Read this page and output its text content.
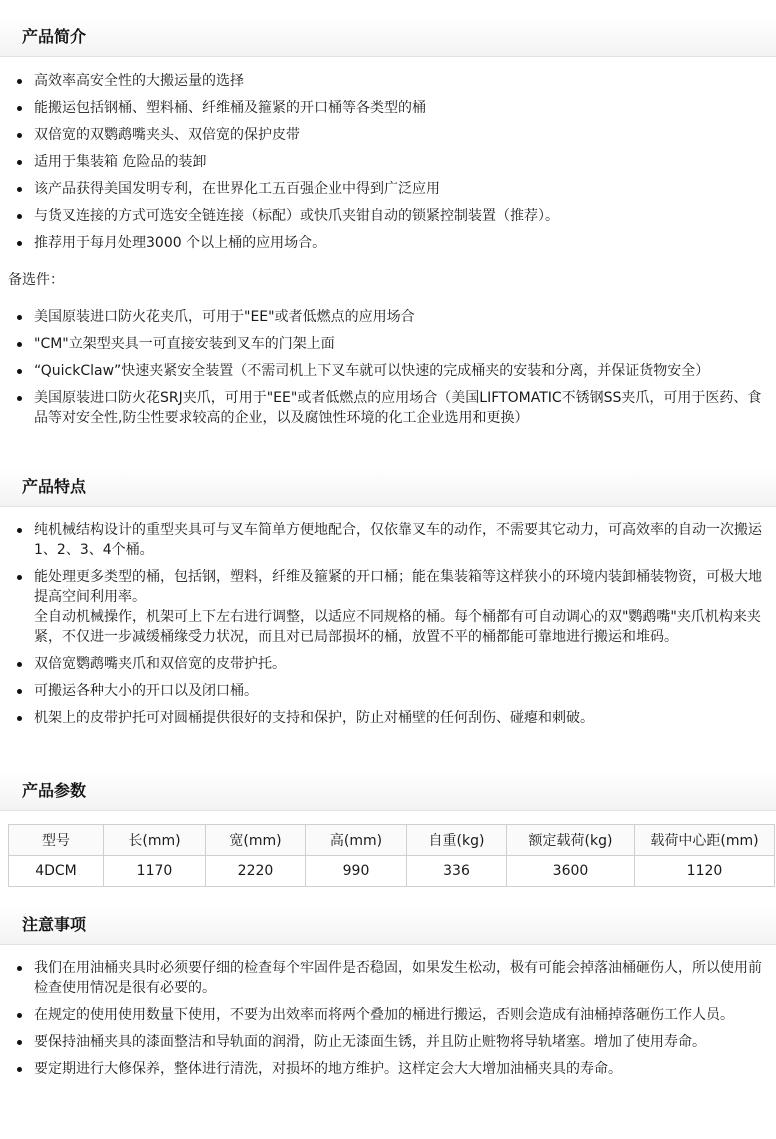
产品简介
高效率高安全性的大搬运量的选择
能搬运包括钢桶、塑料桶、纤维桶及箍紧的开口桶等各类型的桶
双倍宽的双鹦鹉嘴夹头、双倍宽的保护皮带
适用于集装箱 危险品的装卸
该产品获得美国发明专利，在世界化工五百强企业中得到广泛应用
与货叉连接的方式可选安全链连接（标配）或快爪夹钳自动的锁紧控制装置（推荐）。
推荐用于每月处理3000 个以上桶的应用场合。

备选件：

美国原装进口防火花夹爪，可用于"EE"或者低燃点的应用场合
"CM"立架型夹具一可直接安装到叉车的门架上面
“QuickClaw”快速夹紧安全装置（不需司机上下叉车就可以快速的完成桶夹的安装和分离，并保证货物安全）
美国原装进口防火花SRJ夹爪，可用于"EE"或者低燃点的应用场合（美国LIFTOMATIC不锈钢SS夹爪，可用于医药、食品等对安全性,防尘性要求较高的企业，以及腐蚀性环境的化工企业选用和更换）
产品特点
纯机械结构设计的重型夹具可与叉车简单方便地配合，仅依靠叉车的动作，不需要其它动力，可高效率的自动一次搬运1、2、3、4个桶。
能处理更多类型的桶，包括钢，塑料，纤维及箍紧的开口桶；能在集装箱等这样狭小的环境内装卸桶装物资，可极大地提高空间利用率。
全自动机械操作，机架可上下左右进行调整，以适应不同规格的桶。每个桶都有可自动调心的双"鹦鹉嘴"夹爪机构来夹紧，不仅进一步减缓桶缘受力状况，而且对已局部损坏的桶，放置不平的桶都能可靠地进行搬运和堆码。
双倍宽鹦鹉嘴夹爪和双倍宽的皮带护托。
可搬运各种大小的开口以及闭口桶。
机架上的皮带护托可对圆桶提供很好的支持和保护，防止对桶壁的任何刮伤、碰瘪和刺破。
产品参数
型号	长(mm)	宽(mm)	高(mm)	自重(kg)	额定载荷(kg)	载荷中心距(mm)
4DCM	1170	2220	990	336	3600	1120
注意事项
我们在用油桶夹具时必须要仔细的检查每个牢固件是否稳固，如果发生松动，极有可能会掉落油桶砸伤人，所以使用前检查使用情况是很有必要的。
在规定的使用使用数量下使用，不要为出效率而将两个叠加的桶进行搬运，否则会造成有油桶掉落砸伤工作人员。
要保持油桶夹具的漆面整洁和导轨面的润滑，防止无漆面生锈，并且防止赃物将导轨堵塞。增加了使用寿命。
要定期进行大修保养，整体进行清洗，对损坏的地方维护。这样定会大大增加油桶夹具的寿命。
